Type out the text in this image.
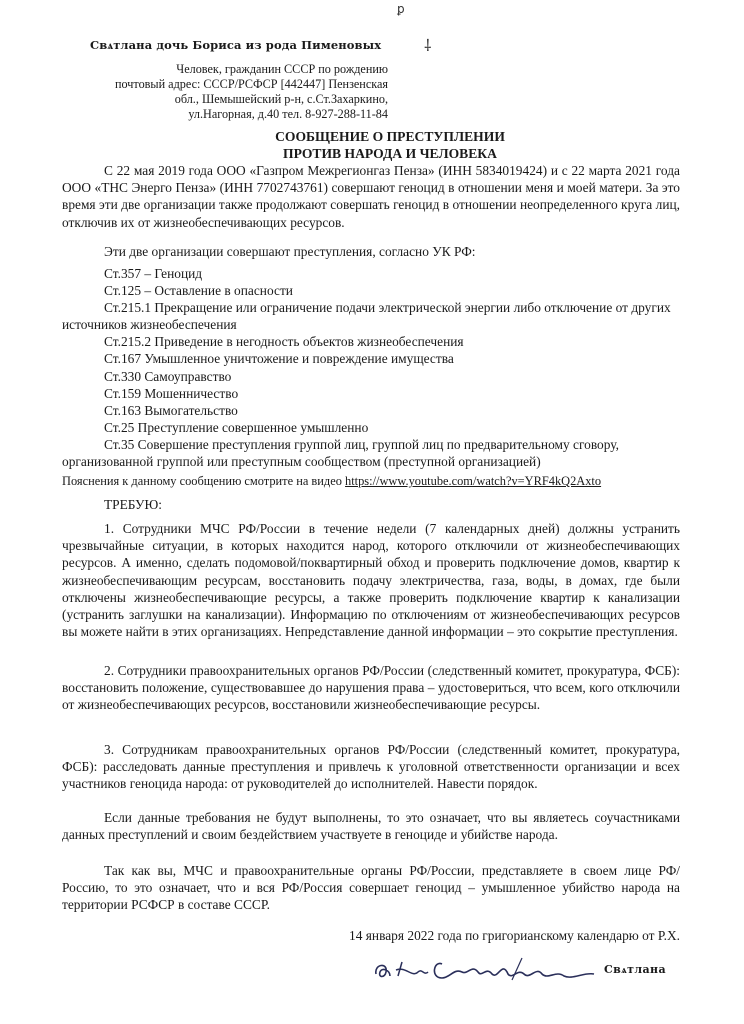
ꝑ
⸸
Свѧтлана дочь Бориса из рода Пименовых
Человек, гражданин СССР по рождению
почтовый адрес: СССР/РСФСР [442447] Пензенская
обл., Шемышейский р-н, с.Ст.Захаркино,
ул.Нагорная, д.40 тел. 8-927-288-11-84
СООБЩЕНИЕ О ПРЕСТУПЛЕНИИ
ПРОТИВ НАРОДА И ЧЕЛОВЕКА
С 22 мая 2019 года ООО «Газпром Межрегионгаз Пенза» (ИНН 5834019424) и с 22 марта 2021 года ООО «ТНС Энерго Пенза» (ИНН 7702743761) совершают геноцид в отношении меня и моей матери. За это время эти две организации также продолжают совершать геноцид в отношении неопределенного круга лиц, отключив их от жизнеобеспечивающих ресурсов.
Эти две организации совершают преступления, согласно УК РФ:
Ст.357 – Геноцид
Ст.125 – Оставление в опасности
Ст.215.1 Прекращение или ограничение подачи электрической энергии либо отключение от других источников жизнеобеспечения
Ст.215.2 Приведение в негодность объектов жизнеобеспечения
Ст.167 Умышленное уничтожение и повреждение имущества
Ст.330 Самоуправство
Ст.159 Мошенничество
Ст.163 Вымогательство
Ст.25 Преступление совершенное умышленно
Ст.35 Совершение преступления группой лиц, группой лиц по предварительному сговору, организованной группой или преступным сообществом (преступной организацией)
Пояснения к данному сообщению смотрите на видео https://www.youtube.com/watch?v=YRF4kQ2Axto
ТРЕБУЮ:
1. Сотрудники МЧС РФ/России в течение недели (7 календарных дней) должны устранить чрезвычайные ситуации, в которых находится народ, которого отключили от жизнеобеспечивающих ресурсов. А именно, сделать подомовой/поквартирный обход и проверить подключение домов, квартир к жизнеобеспечивающим ресурсам, восстановить подачу электричества, газа, воды, в домах, где были отключены жизнеобеспечивающие ресурсы, а также проверить подключение квартир к канализации (устранить заглушки на канализации). Информацию по отключениям от жизнеобеспечивающих ресурсов вы можете найти в этих организациях. Непредставление данной информации – это сокрытие преступления.
2. Сотрудники правоохранительных органов РФ/России (следственный комитет, прокуратура, ФСБ): восстановить положение, существовавшее до нарушения права – удостовериться, что всем, кого отключили от жизнеобеспечивающих ресурсов, восстановили жизнеобеспечивающие ресурсы.
3. Сотрудникам правоохранительных органов РФ/России (следственный комитет, прокуратура, ФСБ): расследовать данные преступления и привлечь к уголовной ответственности организации и всех участников геноцида народа: от руководителей до исполнителей. Навести порядок.
Если данные требования не будут выполнены, то это означает, что вы являетесь соучастниками данных преступлений и своим бездействием участвуете в геноциде и убийстве народа.
Так как вы, МЧС и правоохранительные органы РФ/России, представляете в своем лице РФ/Россию, то это означает, что и вся РФ/Россия совершает геноцид – умышленное убийство народа на территории РСФСР в составе СССР.
14 января 2022 года по григорианскому календарю от Р.Х.
Свѧтлана
